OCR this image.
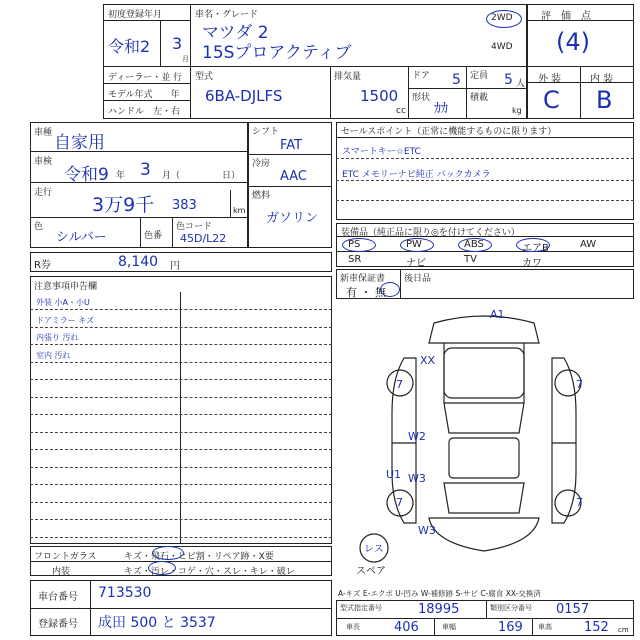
初度登録年月
令和2 3
月
車名・グレード
マツダ 2
15Sプロアクティブ
2WD
4WD
ディーラー・並 行
モデル年式　　年
ハンドル　左・右
型式
6BA-DJLFS
排気量
1500
cc
ドア 5 定員 5 人
形状
ｶｶ
積載
kg
評　価　点
(4)
外 装	内 装
C B
車種 自家用
車検
令和9 年 3 月（	日）
走行
3万9千 383	km
色
シルバー	色番
色コード
45D/L22
シフト
FAT
冷房
AAC
燃料
ガソリン
セールスポイント（正常に機能するものに限ります）
スマートキー☆ETC
ETC メモリーナビ純正 バックカメラ
装備品（純正品に限り◎を付けてください）
PS	PW	ABS	エアB	AW
SR	ナビ	TV	カワ
新車保証書 後日品
有 ・ 無
R券	8,140 円
注意事項申告欄
外装 小A・小U
ドアミラー キズ
内張り 汚れ
室内 汚れ
A1
XX
7	7
W2
U1 W3
7	7
W3
レス
スペア
フロントガラス	キズ・飛石・ヒビ割・リペア跡・X要
内装	キズ・汚レ・コゲ・穴・スレ・キレ・破レ
車台番号 713530
登録番号 成田 500 と 3537
A-キズ E-エクボ U-凹み W-補修跡 S-サビ C-腐食 XX-交換済
型式指定番号	18995	類別区分番号 0157
車長	406	車幅	169 車高 152 cm
